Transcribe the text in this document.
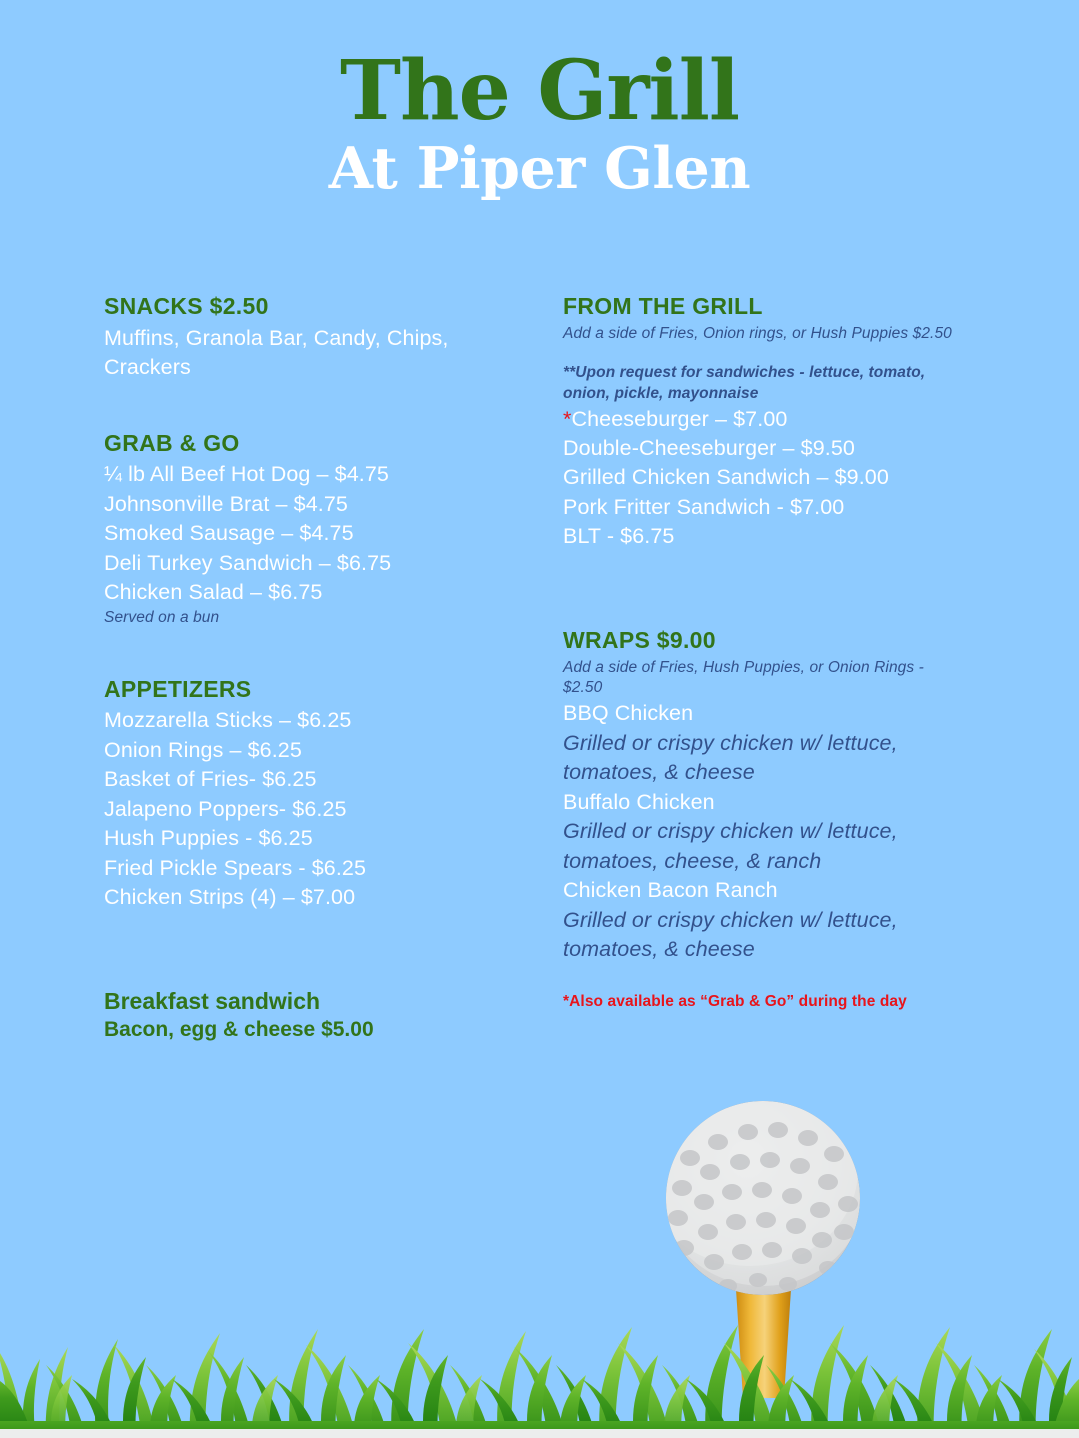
The Grill
At Piper Glen
SNACKS $2.50
Muffins, Granola Bar, Candy, Chips,
Crackers
GRAB & GO
¼ lb All Beef Hot Dog – $4.75
Johnsonville Brat – $4.75
Smoked Sausage – $4.75
Deli Turkey Sandwich – $6.75
Chicken Salad – $6.75
Served on a bun
APPETIZERS
Mozzarella Sticks – $6.25
Onion Rings – $6.25
Basket of Fries- $6.25
Jalapeno Poppers- $6.25
Hush Puppies - $6.25
Fried Pickle Spears - $6.25
Chicken Strips (4) – $7.00
Breakfast sandwich
Bacon, egg & cheese $5.00
FROM THE GRILL
Add a side of Fries, Onion rings, or Hush Puppies $2.50
**Upon request for sandwiches - lettuce, tomato, onion, pickle, mayonnaise
*Cheeseburger – $7.00
Double-Cheeseburger – $9.50
Grilled Chicken Sandwich – $9.00
Pork Fritter Sandwich - $7.00
BLT - $6.75
WRAPS $9.00
Add a side of Fries, Hush Puppies, or Onion Rings - $2.50
BBQ Chicken
Grilled or crispy chicken w/ lettuce, tomatoes, & cheese
Buffalo Chicken
Grilled or crispy chicken w/ lettuce, tomatoes, cheese, & ranch
Chicken Bacon Ranch
Grilled or crispy chicken w/ lettuce, tomatoes, & cheese
*Also available as “Grab & Go” during the day
